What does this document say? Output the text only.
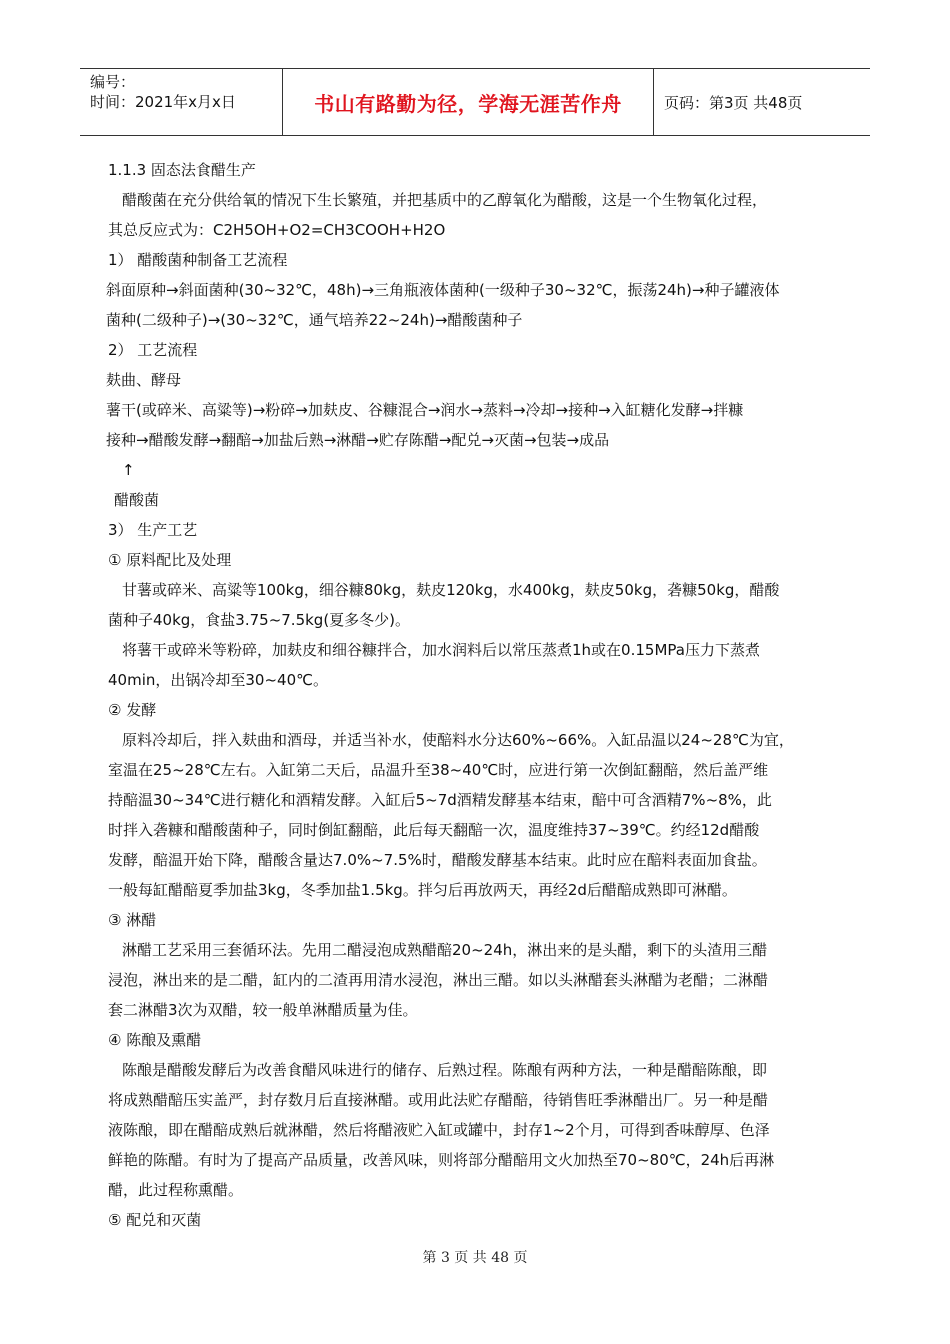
编号：
时间：2021年x月x日	书山有路勤为径，学海无涯苦作舟	页码：第3页 共48页
1.1.3 固态法食醋生产
醋酸菌在充分供给氧的情况下生长繁殖，并把基质中的乙醇氧化为醋酸，这是一个生物氧化过程，
其总反应式为：C2H5OH+O2=CH3COOH+H2O
1） 醋酸菌种制备工艺流程
斜面原种→斜面菌种(30~32℃，48h)→三角瓶液体菌种(一级种子30~32℃，振荡24h)→种子罐液体
菌种(二级种子)→(30~32℃，通气培养22~24h)→醋酸菌种子
2） 工艺流程
麸曲、酵母
薯干(或碎米、高粱等)→粉碎→加麸皮、谷糠混合→润水→蒸料→冷却→接种→入缸糖化发酵→拌糠
接种→醋酸发酵→翻醅→加盐后熟→淋醋→贮存陈醋→配兑→灭菌→包装→成品
↑
醋酸菌
3） 生产工艺
① 原料配比及处理
甘薯或碎米、高粱等100kg，细谷糠80kg，麸皮120kg，水400kg，麸皮50kg，砻糠50kg，醋酸
菌种子40kg，食盐3.75~7.5kg(夏多冬少)。
将薯干或碎米等粉碎，加麸皮和细谷糠拌合，加水润料后以常压蒸煮1h或在0.15MPa压力下蒸煮
40min，出锅冷却至30~40℃。
② 发酵
原料冷却后，拌入麸曲和酒母，并适当补水，使醅料水分达60%~66%。入缸品温以24~28℃为宜，
室温在25~28℃左右。入缸第二天后，品温升至38~40℃时，应进行第一次倒缸翻醅，然后盖严维
持醅温30~34℃进行糖化和酒精发酵。入缸后5~7d酒精发酵基本结束，醅中可含酒精7%~8%，此
时拌入砻糠和醋酸菌种子，同时倒缸翻醅，此后每天翻醅一次，温度维持37~39℃。约经12d醋酸
发酵，醅温开始下降，醋酸含量达7.0%~7.5%时，醋酸发酵基本结束。此时应在醅料表面加食盐。
一般每缸醋醅夏季加盐3kg，冬季加盐1.5kg。拌匀后再放两天，再经2d后醋醅成熟即可淋醋。
③ 淋醋
淋醋工艺采用三套循环法。先用二醋浸泡成熟醋醅20~24h，淋出来的是头醋，剩下的头渣用三醋
浸泡，淋出来的是二醋，缸内的二渣再用清水浸泡，淋出三醋。如以头淋醋套头淋醋为老醋；二淋醋
套二淋醋3次为双醋，较一般单淋醋质量为佳。
④ 陈酿及熏醋
陈酿是醋酸发酵后为改善食醋风味进行的储存、后熟过程。陈酿有两种方法，一种是醋醅陈酿，即
将成熟醋醅压实盖严，封存数月后直接淋醋。或用此法贮存醋醅，待销售旺季淋醋出厂。另一种是醋
液陈酿，即在醋醅成熟后就淋醋，然后将醋液贮入缸或罐中，封存1~2个月，可得到香味醇厚、色泽
鲜艳的陈醋。有时为了提高产品质量，改善风味，则将部分醋醅用文火加热至70~80℃，24h后再淋
醋，此过程称熏醋。
⑤ 配兑和灭菌
第 3 页 共 48 页
